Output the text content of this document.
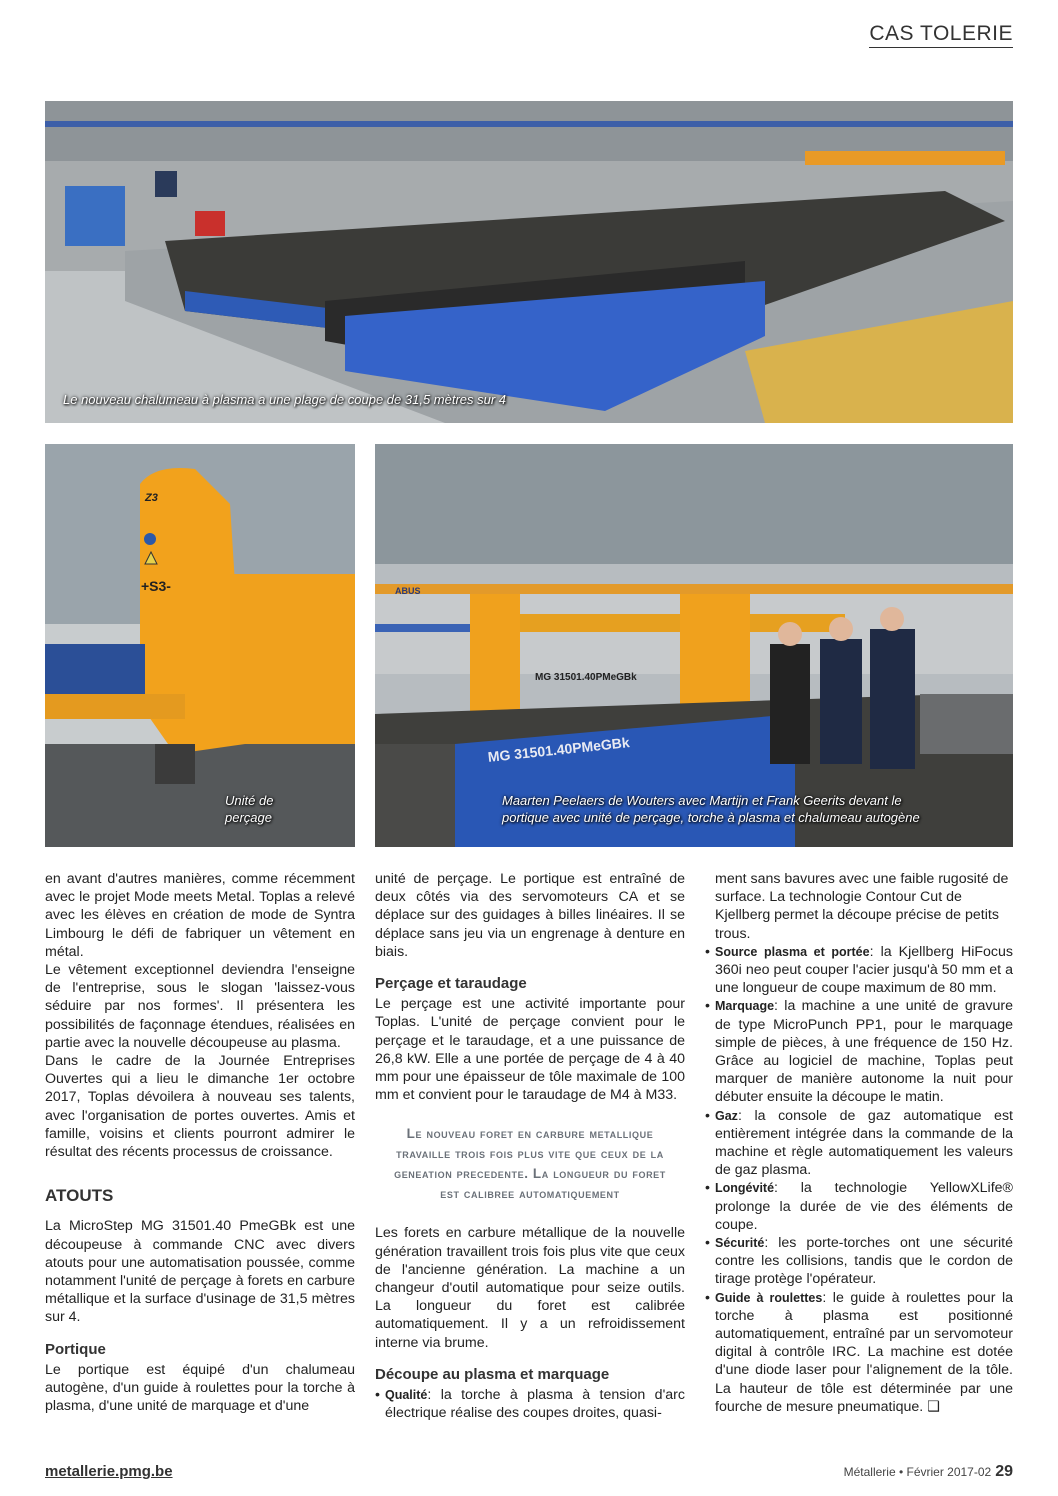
CAS TOLERIE
Le nouveau chalumeau à plasma a une plage de coupe de 31,5 mètres sur 4
Z3
+S3-
Unité de
perçage
MG 31501.40PMeGBk
MG 31501.40PMeGBk
ABUS
Maarten Peelaers de Wouters avec Martijn et Frank Geerits devant le
portique avec unité de perçage, torche à plasma et chalumeau autogène

en avant d'autres manières, comme récemment avec le projet Mode meets Metal. Toplas a relevé avec les élèves en création de mode de Syntra Limbourg le défi de fabriquer un vêtement en métal.

Le vêtement exceptionnel deviendra l'enseigne de l'entreprise, sous le slogan 'laissez-vous séduire par nos formes'. Il présentera les possibilités de façonnage étendues, réalisées en partie avec la nouvelle découpeuse au plasma.

Dans le cadre de la Journée Entreprises Ouvertes qui a lieu le dimanche 1er octobre 2017, Toplas dévoilera à nouveau ses talents, avec l'organisation de portes ouvertes. Amis et famille, voisins et clients pourront admirer le résultat des récents processus de croissance.

ATOUTS

La MicroStep MG 31501.40 PmeGBk est une découpeuse à commande CNC avec divers atouts pour une automatisation poussée, comme notamment l'unité de perçage à forets en carbure métallique et la surface d'usinage de 31,5 mètres sur 4.

Portique

Le portique est équipé d'un chalumeau autogène, d'un guide à roulettes pour la torche à plasma, d'une unité de marquage et d'une

unité de perçage. Le portique est entraîné de deux côtés via des servomoteurs CA et se déplace sur des guidages à billes linéaires. Il se déplace sans jeu via un engrenage à denture en biais.

Perçage et taraudage

Le perçage est une activité importante pour Toplas. L'unité de perçage convient pour le perçage et le taraudage, et a une puissance de 26,8 kW. Elle a une portée de perçage de 4 à 40 mm pour une épaisseur de tôle maximale de 100 mm et convient pour le taraudage de M4 à M33.

Le nouveau foret en carbure metallique travaille trois fois plus vite que ceux de la geneation precedente. La longueur du foret est calibree automatiquement

Les forets en carbure métallique de la nouvelle génération travaillent trois fois plus vite que ceux de l'ancienne génération. La machine a un changeur d'outil automatique pour seize outils. La longueur du foret est calibrée automatiquement. Il y a un refroidissement interne via brume.

Découpe au plasma et marquage

• Qualité: la torche à plasma à tension d'arc électrique réalise des coupes droites, quasi-

ment sans bavures avec une faible rugosité de surface. La technologie Contour Cut de Kjellberg permet la découpe précise de petits trous.

• Source plasma et portée: la Kjellberg HiFocus 360i neo peut couper l'acier jusqu'à 50 mm et a une longueur de coupe maximum de 80 mm.

• Marquage: la machine a une unité de gravure de type MicroPunch PP1, pour le marquage simple de pièces, à une fréquence de 150 Hz. Grâce au logiciel de machine, Toplas peut marquer de manière autonome la nuit pour débuter ensuite la découpe le matin.

• Gaz: la console de gaz automatique est entièrement intégrée dans la commande de la machine et règle automatiquement les valeurs de gaz plasma.

• Longévité: la technologie YellowXLife® prolonge la durée de vie des éléments de coupe.

• Sécurité: les porte-torches ont une sécurité contre les collisions, tandis que le cordon de tirage protège l'opérateur.

• Guide à roulettes: le guide à roulettes pour la torche à plasma est positionné automatiquement, entraîné par un servomoteur digital à contrôle IRC. La machine est dotée d'une diode laser pour l'alignement de la tôle. La hauteur de tôle est déterminée par une fourche de mesure pneumatique. ❑

metallerie.pmg.be	Métallerie • Février 2017-02 29
